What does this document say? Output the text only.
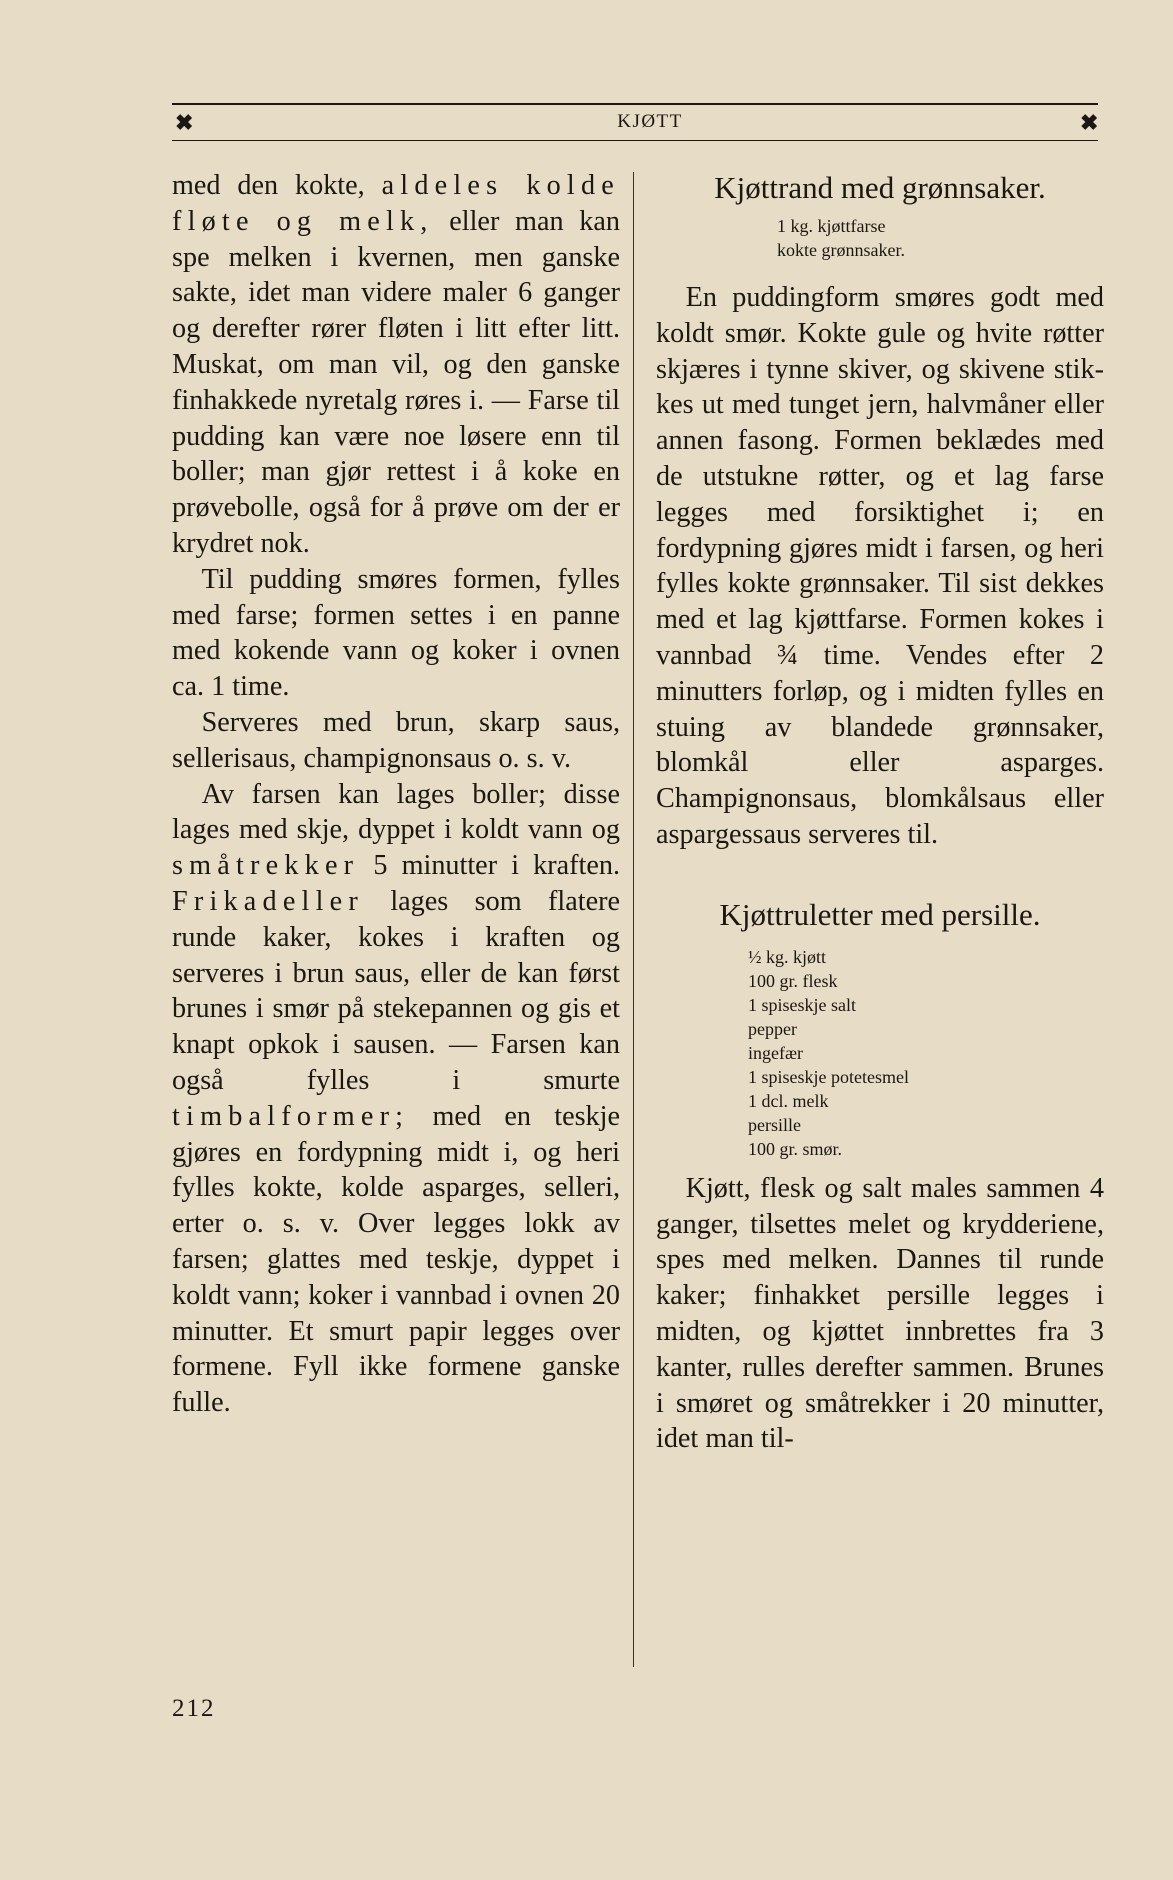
✖	KJØTT	✖

med den kokte, aldeles kolde fløte og melk, eller man kan spe melken i kvernen, men ganske sakte, idet man videre maler 6 ganger og derefter rører fløten i litt efter litt. Muskat, om man vil, og den ganske finhakkede nyretalg røres i. — Farse til pudding kan være noe løsere enn til boller; man gjør rettest i å koke en prøvebolle, også for å prøve om der er krydret nok.

Til pudding smøres formen, fylles med farse; formen settes i en panne med kokende vann og koker i ovnen ca. 1 time.

Serveres med brun, skarp saus, sellerisaus, champignonsaus o. s. v.

Av farsen kan lages boller; disse lages med skje, dyppet i koldt vann og småtrekker 5 minutter i kraften. Frikadeller lages som flatere runde kaker, kokes i kraften og serveres i brun saus, eller de kan først brunes i smør på stekepannen og gis et knapt opkok i sausen. — Farsen kan også fylles i smurte timbalformer; med en teskje gjøres en fordypning midt i, og heri fylles kokte, kolde asparges, selleri, erter o. s. v. Over legges lokk av farsen; glattes med teskje, dyppet i koldt vann; koker i vannbad i ovnen 20 minutter. Et smurt papir legges over formene. Fyll ikke formene ganske fulle.

Kjøttrand med grønnsaker.
1 kg. kjøttfarse
kokte grønnsaker.

En puddingform smøres godt med koldt smør. Kokte gule og hvite røtter skjæres i tynne skiver, og skivene stikkes ut med tunget jern, halvmåner eller annen fasong. Formen beklædes med de utstukne røtter, og et lag farse legges med forsiktighet i; en fordypning gjøres midt i farsen, og heri fylles kokte grønnsaker. Til sist dekkes med et lag kjøttfarse. Formen kokes i vannbad ¾ time. Vendes efter 2 minutters forløp, og i midten fylles en stuing av blandede grønnsaker, blomkål eller asparges. Champignonsaus, blomkålsaus eller aspargessaus serveres til.

Kjøttruletter med persille.
½ kg. kjøtt
100 gr. flesk
1 spiseskje salt
pepper
ingefær
1 spiseskje potetesmel
1 dcl. melk
persille
100 gr. smør.

Kjøtt, flesk og salt males sammen 4 ganger, tilsettes melet og krydderiene, spes med melken. Dannes til runde kaker; finhakket persille legges i midten, og kjøttet innbrettes fra 3 kanter, rulles derefter sammen. Brunes i smøret og småtrekker i 20 minutter, idet man til-

212
